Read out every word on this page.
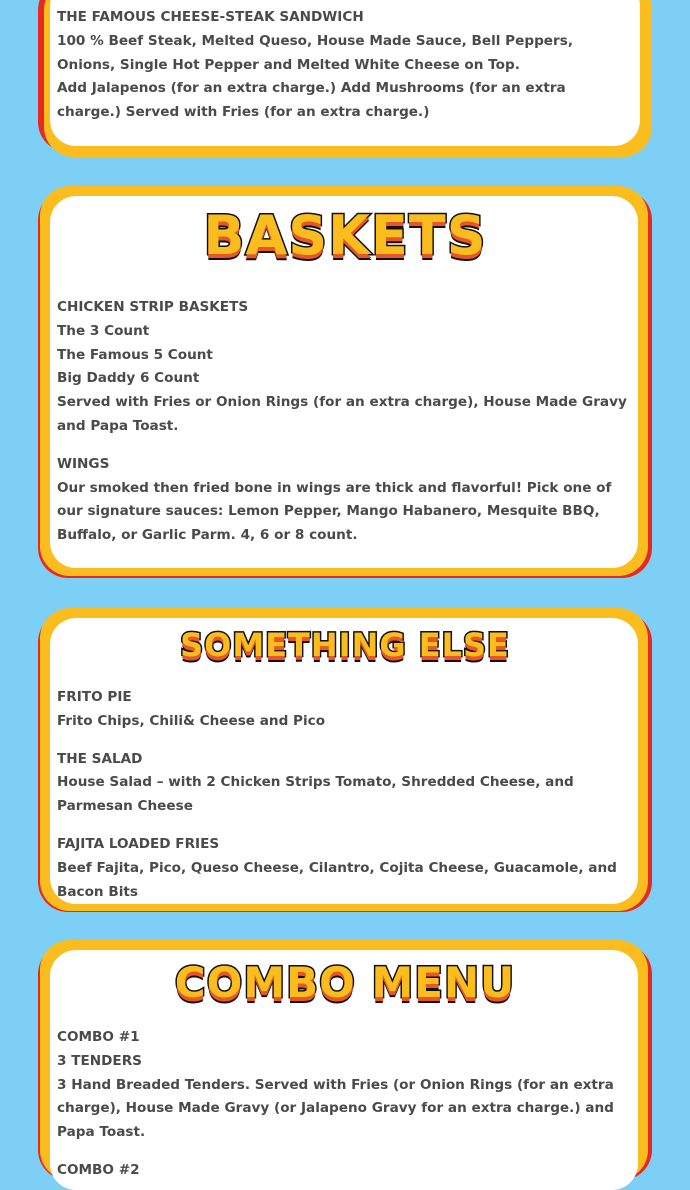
THE FAMOUS CHEESE-STEAK SANDWICH

100 % Beef Steak, Melted Queso, House Made Sauce, Bell Peppers, Onions, Single Hot Pepper and Melted White Cheese on Top.

Add Jalapenos (for an extra charge.) Add Mushrooms (for an extra charge.) Served with Fries (for an extra charge.)

BASKETS

CHICKEN STRIP BASKETS

The 3 Count

The Famous 5 Count

Big Daddy 6 Count

Served with Fries or Onion Rings (for an extra charge), House Made Gravy and Papa Toast.

WINGS

Our smoked then fried bone in wings are thick and flavorful! Pick one of our signature sauces: Lemon Pepper, Mango Habanero, Mesquite BBQ, Buffalo, or Garlic Parm. 4, 6 or 8 count.

SOMETHING ELSE

FRITO PIE

Frito Chips, Chili& Cheese and Pico

THE SALAD

House Salad – with 2 Chicken Strips Tomato, Shredded Cheese, and Parmesan Cheese

FAJITA LOADED FRIES

Beef Fajita, Pico, Queso Cheese, Cilantro, Cojita Cheese, Guacamole, and Bacon Bits

COMBO MENU

COMBO #1

3 TENDERS

3 Hand Breaded Tenders. Served with Fries (or Onion Rings (for an extra charge), House Made Gravy (or Jalapeno Gravy for an extra charge.) and Papa Toast.

COMBO #2
